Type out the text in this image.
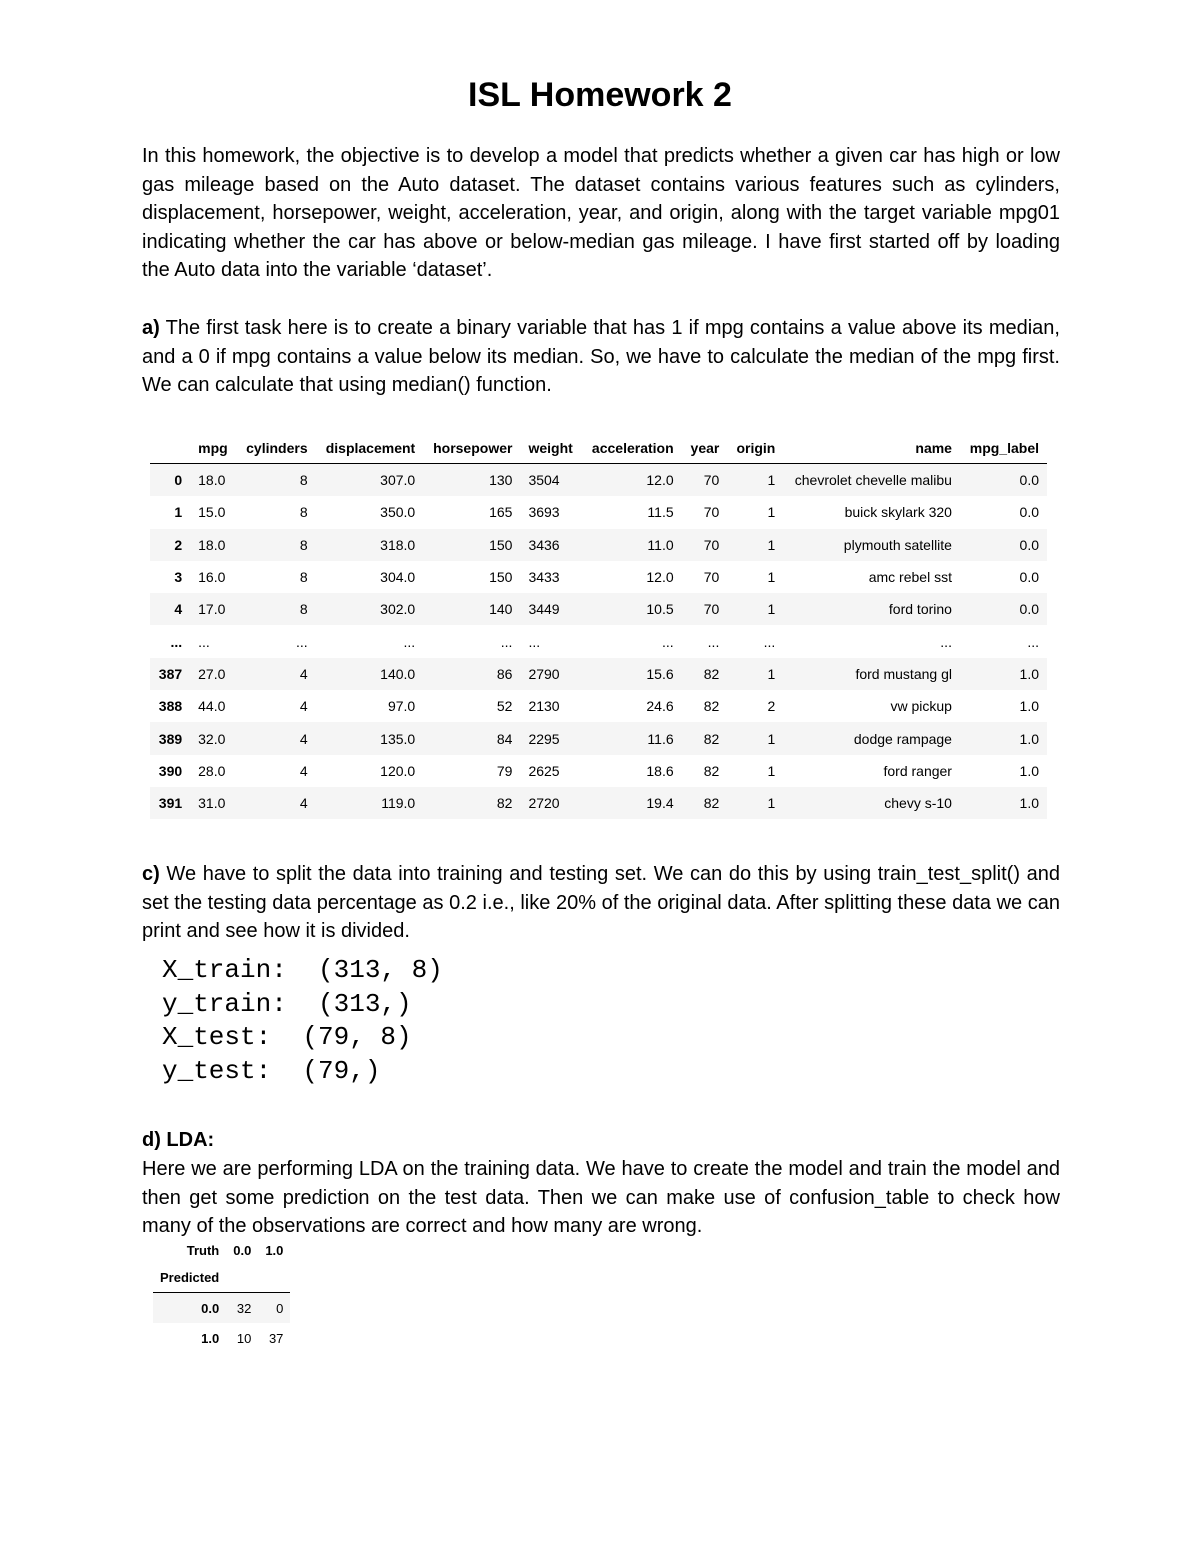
ISL Homework 2

In this homework, the objective is to develop a model that predicts whether a given car has high or low gas mileage based on the Auto dataset. The dataset contains various features such as cylinders, displacement, horsepower, weight, acceleration, year, and origin, along with the target variable mpg01 indicating whether the car has above or below-median gas mileage. I have first started off by loading the Auto data into the variable ‘dataset’.

a) The first task here is to create a binary variable that has 1 if mpg contains a value above its median, and a 0 if mpg contains a value below its median. So, we have to calculate the median of the mpg first. We can calculate that using median() function.

	mpg	cylinders	displacement	horsepower	weight	acceleration	year	origin	name	mpg_label
0	18.0	8	307.0	130	3504	12.0	70	1	chevrolet chevelle malibu	0.0
1	15.0	8	350.0	165	3693	11.5	70	1	buick skylark 320	0.0
2	18.0	8	318.0	150	3436	11.0	70	1	plymouth satellite	0.0
3	16.0	8	304.0	150	3433	12.0	70	1	amc rebel sst	0.0
4	17.0	8	302.0	140	3449	10.5	70	1	ford torino	0.0
...	...	...	...	...	...	...	...	...	...	...
387	27.0	4	140.0	86	2790	15.6	82	1	ford mustang gl	1.0
388	44.0	4	97.0	52	2130	24.6	82	2	vw pickup	1.0
389	32.0	4	135.0	84	2295	11.6	82	1	dodge rampage	1.0
390	28.0	4	120.0	79	2625	18.6	82	1	ford ranger	1.0
391	31.0	4	119.0	82	2720	19.4	82	1	chevy s-10	1.0

c) We have to split the data into training and testing set. We can do this by using train_test_split() and set the testing data percentage as 0.2 i.e., like 20% of the original data. After splitting these data we can print and see how it is divided.

X_train:  (313, 8)
y_train:  (313,)
X_test:  (79, 8)
y_test:  (79,)

d) LDA:

Here we are performing LDA on the training data. We have to create the model and train the model and then get some prediction on the test data. Then we can make use of confusion_table to check how many of the observations are correct and how many are wrong.

Truth	0.0	1.0
Predicted		
0.0	32	0
1.0	10	37
